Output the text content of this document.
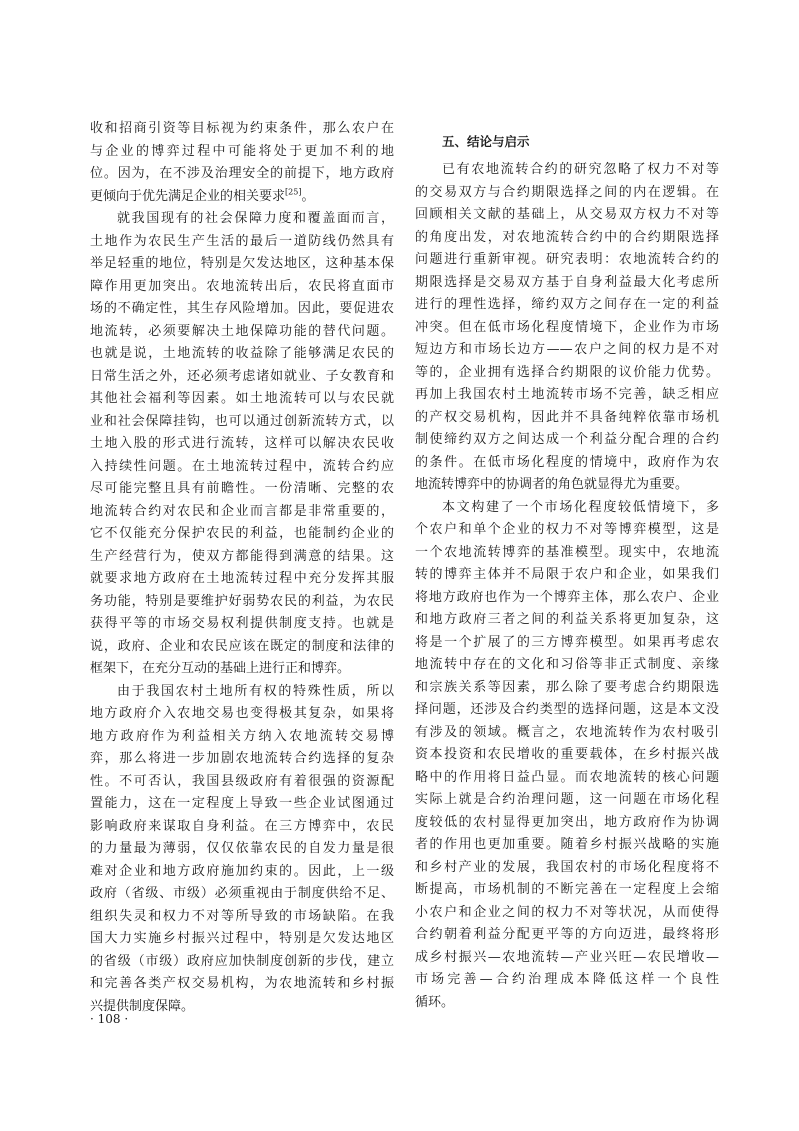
收和招商引资等目标视为约束条件，那么农户在
与企业的博弈过程中可能将处于更加不利的地
位。因为，在不涉及治理安全的前提下，地方政府
更倾向于优先满足企业的相关要求[25]。
就我国现有的社会保障力度和覆盖面而言，
土地作为农民生产生活的最后一道防线仍然具有
举足轻重的地位，特别是欠发达地区，这种基本保
障作用更加突出。农地流转出后，农民将直面市
场的不确定性，其生存风险增加。因此，要促进农
地流转，必须要解决土地保障功能的替代问题。
也就是说，土地流转的收益除了能够满足农民的
日常生活之外，还必须考虑诸如就业、子女教育和
其他社会福利等因素。如土地流转可以与农民就
业和社会保障挂钩，也可以通过创新流转方式，以
土地入股的形式进行流转，这样可以解决农民收
入持续性问题。在土地流转过程中，流转合约应
尽可能完整且具有前瞻性。一份清晰、完整的农
地流转合约对农民和企业而言都是非常重要的，
它不仅能充分保护农民的利益，也能制约企业的
生产经营行为，使双方都能得到满意的结果。这
就要求地方政府在土地流转过程中充分发挥其服
务功能，特别是要维护好弱势农民的利益，为农民
获得平等的市场交易权利提供制度支持。也就是
说，政府、企业和农民应该在既定的制度和法律的
框架下，在充分互动的基础上进行正和博弈。
由于我国农村土地所有权的特殊性质，所以
地方政府介入农地交易也变得极其复杂，如果将
地方政府作为利益相关方纳入农地流转交易博
弈，那么将进一步加剧农地流转合约选择的复杂
性。不可否认，我国县级政府有着很强的资源配
置能力，这在一定程度上导致一些企业试图通过
影响政府来谋取自身利益。在三方博弈中，农民
的力量最为薄弱，仅仅依靠农民的自发力量是很
难对企业和地方政府施加约束的。因此，上一级
政府（省级、市级）必须重视由于制度供给不足、
组织失灵和权力不对等所导致的市场缺陷。在我
国大力实施乡村振兴过程中，特别是欠发达地区
的省级（市级）政府应加快制度创新的步伐，建立
和完善各类产权交易机构，为农地流转和乡村振
兴提供制度保障。
五、结论与启示
已有农地流转合约的研究忽略了权力不对等
的交易双方与合约期限选择之间的内在逻辑。在
回顾相关文献的基础上，从交易双方权力不对等
的角度出发，对农地流转合约中的合约期限选择
问题进行重新审视。研究表明：农地流转合约的
期限选择是交易双方基于自身利益最大化考虑所
进行的理性选择，缔约双方之间存在一定的利益
冲突。但在低市场化程度情境下，企业作为市场
短边方和市场长边方——农户之间的权力是不对
等的，企业拥有选择合约期限的议价能力优势。
再加上我国农村土地流转市场不完善，缺乏相应
的产权交易机构，因此并不具备纯粹依靠市场机
制使缔约双方之间达成一个利益分配合理的合约
的条件。在低市场化程度的情境中，政府作为农
地流转博弈中的协调者的角色就显得尤为重要。
本文构建了一个市场化程度较低情境下，多
个农户和单个企业的权力不对等博弈模型，这是
一个农地流转博弈的基准模型。现实中，农地流
转的博弈主体并不局限于农户和企业，如果我们
将地方政府也作为一个博弈主体，那么农户、企业
和地方政府三者之间的利益关系将更加复杂，这
将是一个扩展了的三方博弈模型。如果再考虑农
地流转中存在的文化和习俗等非正式制度、亲缘
和宗族关系等因素，那么除了要考虑合约期限选
择问题，还涉及合约类型的选择问题，这是本文没
有涉及的领域。概言之，农地流转作为农村吸引
资本投资和农民增收的重要载体，在乡村振兴战
略中的作用将日益凸显。而农地流转的核心问题
实际上就是合约治理问题，这一问题在市场化程
度较低的农村显得更加突出，地方政府作为协调
者的作用也更加重要。随着乡村振兴战略的实施
和乡村产业的发展，我国农村的市场化程度将不
断提高，市场机制的不断完善在一定程度上会缩
小农户和企业之间的权力不对等状况，从而使得
合约朝着利益分配更平等的方向迈进，最终将形
成乡村振兴—农地流转—产业兴旺—农民增收—
市场完善—合约治理成本降低这样一个良性
循环。
· 108 ·
